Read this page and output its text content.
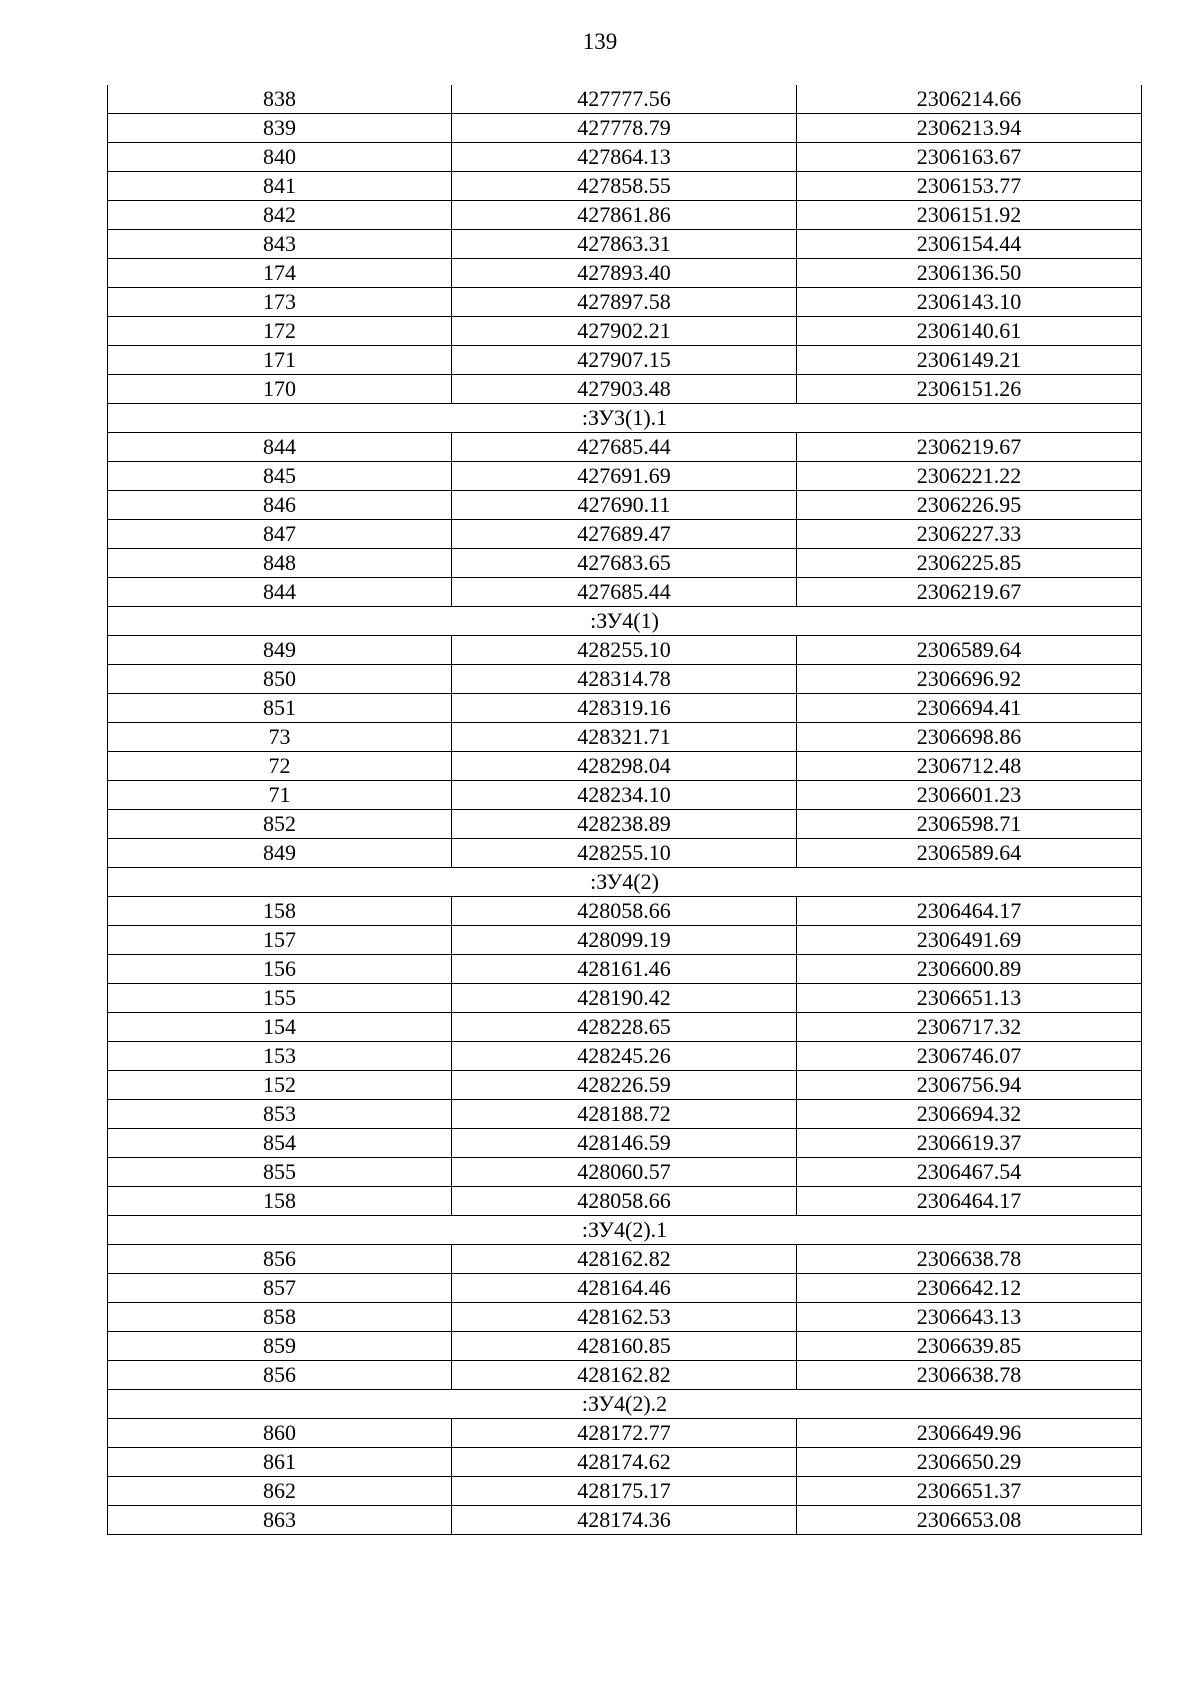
139
838	427777.56	2306214.66
839	427778.79	2306213.94
840	427864.13	2306163.67
841	427858.55	2306153.77
842	427861.86	2306151.92
843	427863.31	2306154.44
174	427893.40	2306136.50
173	427897.58	2306143.10
172	427902.21	2306140.61
171	427907.15	2306149.21
170	427903.48	2306151.26
:ЗУ3(1).1		
844	427685.44	2306219.67
845	427691.69	2306221.22
846	427690.11	2306226.95
847	427689.47	2306227.33
848	427683.65	2306225.85
844	427685.44	2306219.67
:ЗУ4(1)		
849	428255.10	2306589.64
850	428314.78	2306696.92
851	428319.16	2306694.41
73	428321.71	2306698.86
72	428298.04	2306712.48
71	428234.10	2306601.23
852	428238.89	2306598.71
849	428255.10	2306589.64
:ЗУ4(2)		
158	428058.66	2306464.17
157	428099.19	2306491.69
156	428161.46	2306600.89
155	428190.42	2306651.13
154	428228.65	2306717.32
153	428245.26	2306746.07
152	428226.59	2306756.94
853	428188.72	2306694.32
854	428146.59	2306619.37
855	428060.57	2306467.54
158	428058.66	2306464.17
:ЗУ4(2).1		
856	428162.82	2306638.78
857	428164.46	2306642.12
858	428162.53	2306643.13
859	428160.85	2306639.85
856	428162.82	2306638.78
:ЗУ4(2).2		
860	428172.77	2306649.96
861	428174.62	2306650.29
862	428175.17	2306651.37
863	428174.36	2306653.08
